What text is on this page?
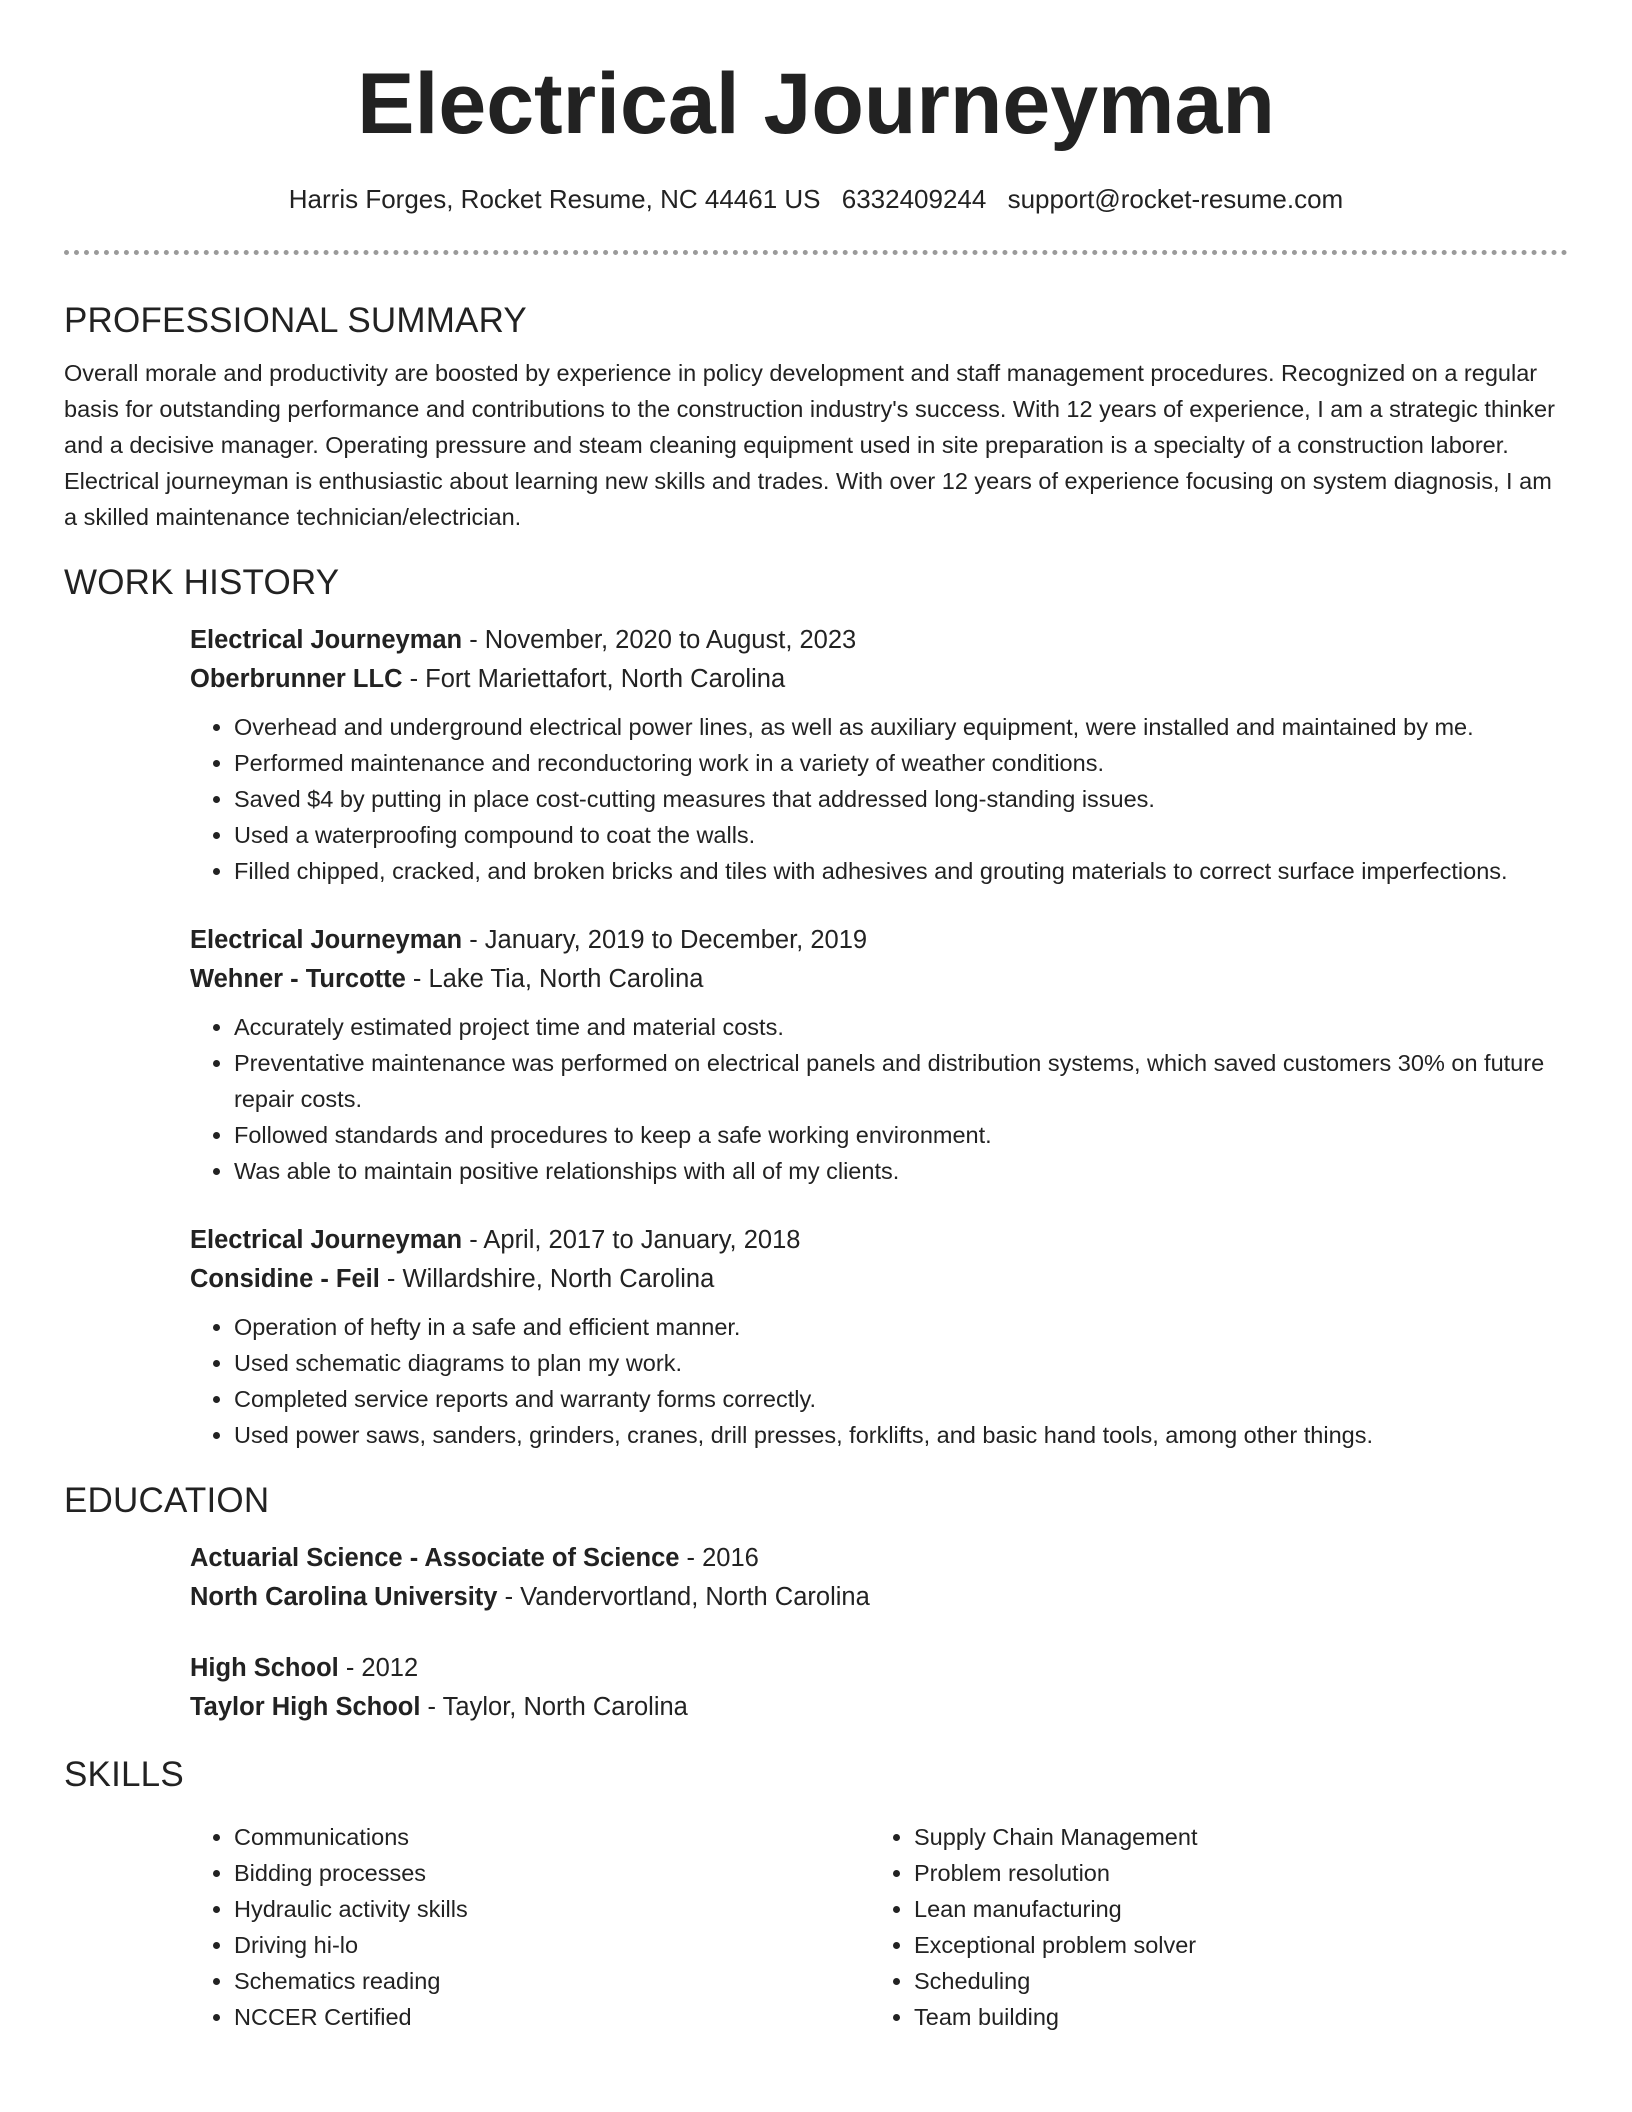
Electrical Journeyman
Harris Forges, Rocket Resume, NC 44461 US 6332409244 support@rocket-resume.com
PROFESSIONAL SUMMARY

Overall morale and productivity are boosted by experience in policy development and staff management procedures. Recognized on a regular basis for outstanding performance and contributions to the construction industry's success. With 12 years of experience, I am a strategic thinker and a decisive manager. Operating pressure and steam cleaning equipment used in site preparation is a specialty of a construction laborer. Electrical journeyman is enthusiastic about learning new skills and trades. With over 12 years of experience focusing on system diagnosis, I am a skilled maintenance technician/electrician.

WORK HISTORY

Electrical Journeyman - November, 2020 to August, 2023

Oberbrunner LLC - Fort Mariettafort, North Carolina

• Overhead and underground electrical power lines, as well as auxiliary equipment, were installed and maintained by me.
• Performed maintenance and reconductoring work in a variety of weather conditions.
• Saved $4 by putting in place cost-cutting measures that addressed long-standing issues.
• Used a waterproofing compound to coat the walls.
• Filled chipped, cracked, and broken bricks and tiles with adhesives and grouting materials to correct surface imperfections.

Electrical Journeyman - January, 2019 to December, 2019

Wehner - Turcotte - Lake Tia, North Carolina

• Accurately estimated project time and material costs.
• Preventative maintenance was performed on electrical panels and distribution systems, which saved customers 30% on future repair costs.
• Followed standards and procedures to keep a safe working environment.
• Was able to maintain positive relationships with all of my clients.

Electrical Journeyman - April, 2017 to January, 2018

Considine - Feil - Willardshire, North Carolina

• Operation of hefty in a safe and efficient manner.
• Used schematic diagrams to plan my work.
• Completed service reports and warranty forms correctly.
• Used power saws, sanders, grinders, cranes, drill presses, forklifts, and basic hand tools, among other things.
EDUCATION

Actuarial Science - Associate of Science - 2016

North Carolina University - Vandervortland, North Carolina

High School - 2012

Taylor High School - Taylor, North Carolina

SKILLS
• Communications
• Bidding processes
• Hydraulic activity skills
• Driving hi-lo
• Schematics reading
• NCCER Certified
• Supply Chain Management
• Problem resolution
• Lean manufacturing
• Exceptional problem solver
• Scheduling
• Team building
